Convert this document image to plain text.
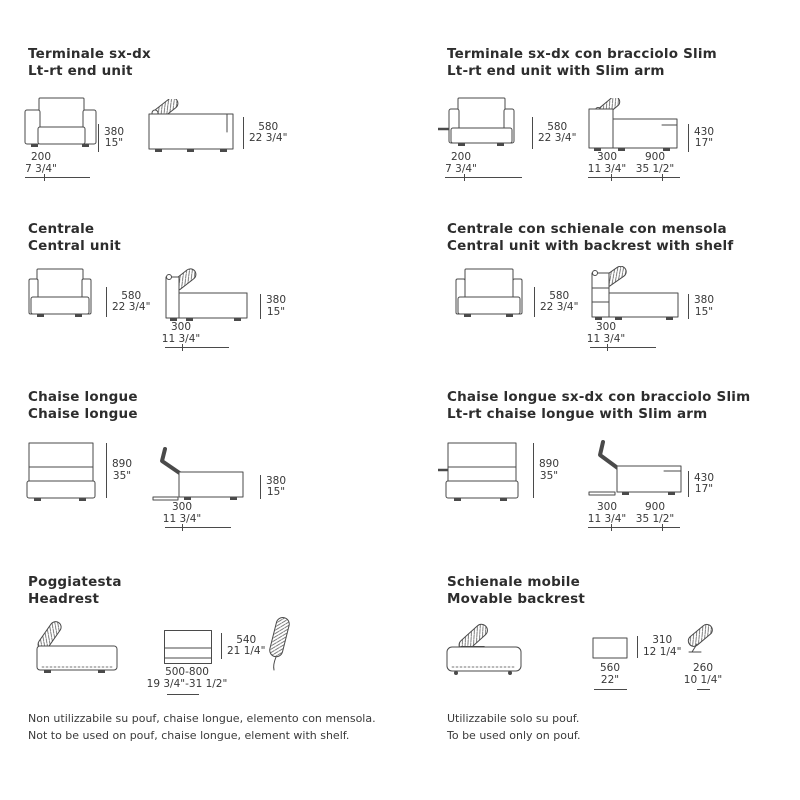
Terminale sx-dx
Lt-rt end unit
380
15"
200
7 3/4"
580
22 3/4"
Terminale sx-dx con bracciolo Slim
Lt-rt end unit with Slim arm
580
22 3/4"
200
7 3/4"
430
17"
300
11 3/4"
900
35 1/2"
Centrale
Central unit
580
22 3/4"
380
15"
300
11 3/4"
Centrale con schienale con mensola
Central unit with backrest with shelf
580
22 3/4"
380
15"
300
11 3/4"
Chaise longue
Chaise longue
890
35"	380
15"
300
11 3/4"
Chaise longue sx-dx con bracciolo Slim
Lt-rt chaise longue with Slim arm
890
35"	430
17"
300
11 3/4"
900
35 1/2"
Poggiatesta
Headrest
540
21 1/4"
500-800
19 3/4"-31 1/2"
Non utilizzabile su pouf, chaise longue, elemento con mensola.
Not to be used on pouf, chaise longue, element with shelf.
Schienale mobile
Movable backrest
310
12 1/4"
560
22"
260
10 1/4"
Utilizzabile solo su pouf.
To be used only on pouf.
